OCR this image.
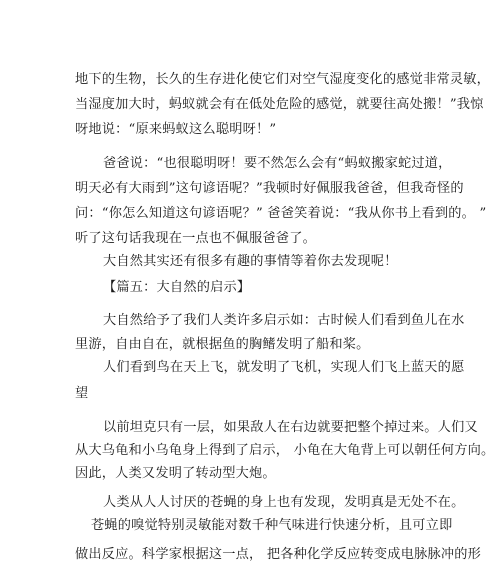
地下的生物，长久的生存进化使它们对空气湿度变化的感觉非常灵敏，
当湿度加大时，蚂蚁就会有在低处危险的感觉，就要往高处搬！”我惊
呀地说：“原来蚂蚁这么聪明呀！”
爸爸说：“也很聪明呀！要不然怎么会有“蚂蚁搬家蛇过道，
明天必有大雨到”这句谚语呢？”我顿时好佩服我爸爸，但我奇怪的
问：“你怎么知道这句谚语呢？” 爸爸笑着说：“我从你书上看到的。 ”
听了这句话我现在一点也不佩服爸爸了。
大自然其实还有很多有趣的事情等着你去发现呢！
【篇五：大自然的启示】
大自然给予了我们人类许多启示如：古时候人们看到鱼儿在水
里游，自由自在，就根据鱼的胸鳍发明了船和桨。
人们看到鸟在天上飞，就发明了飞机，实现人们飞上蓝天的愿
望
以前坦克只有一层，如果敌人在右边就要把整个掉过来。人们又
从大乌龟和小乌龟身上得到了启示， 小龟在大龟背上可以朝任何方向。
因此，人类又发明了转动型大炮。
人类从人人讨厌的苍蝇的身上也有发现，发明真是无处不在。
苍蝇的嗅觉特别灵敏能对数千种气味进行快速分析，且可立即
做出反应。科学家根据这一点， 把各种化学反应转变成电脉脉冲的形
